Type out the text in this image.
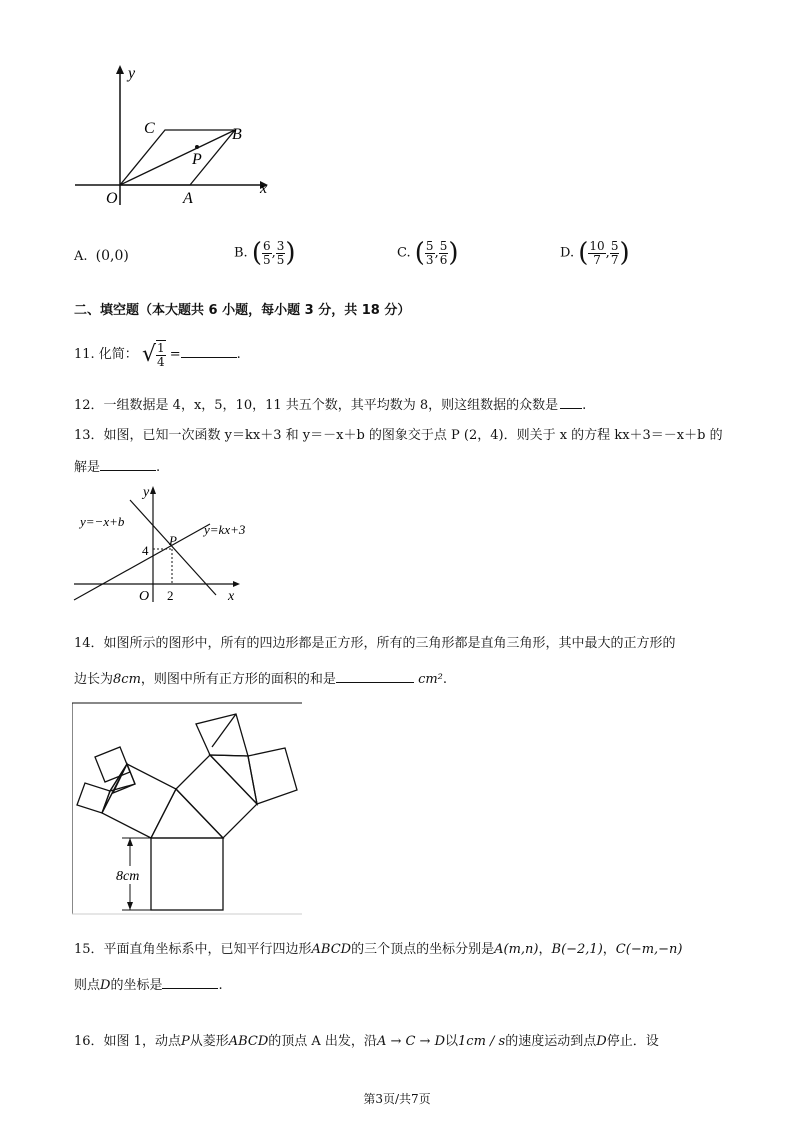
y
x
O	A
B
C
P
A. (0,0)	B. ( $\frac{6}{5}$ , $\frac{3}{5}$ )	C. ( $\frac{5}{3}$ , $\frac{5}{6}$ )	D. ( $\frac{10}{7}$ , $\frac{5}{7}$ )
二、填空题（本大题共 6 小题，每小题 3 分，共 18 分）
11. 化简： √ $\frac{1}{4}$ =	.
12．一组数据是 4，x，5，10，11 共五个数，其平均数为 8，则这组数据的众数是 .
13．如图，已知一次函数 y＝kx＋3 和 y＝－x＋b 的图象交于点 P (2，4)．则关于 x 的方程 kx＋3＝－x＋b 的
解是	.
y
x
O
4
2
P
y=−x+b
y=kx+3
14．如图所示的图形中，所有的四边形都是正方形，所有的三角形都是直角三角形，其中最大的正方形的
边长为8cm，则图中所有正方形的面积的和是	cm².
8cm
15．平面直角坐标系中，已知平行四边形ABCD的三个顶点的坐标分别是A(m,n)，B(−2,1)，C(−m,−n)
则点D的坐标是	.
16．如图 1，动点P从菱形ABCD的顶点 A 出发，沿A → C → D以1cm / s的速度运动到点D停止．设
第3页/共7页
